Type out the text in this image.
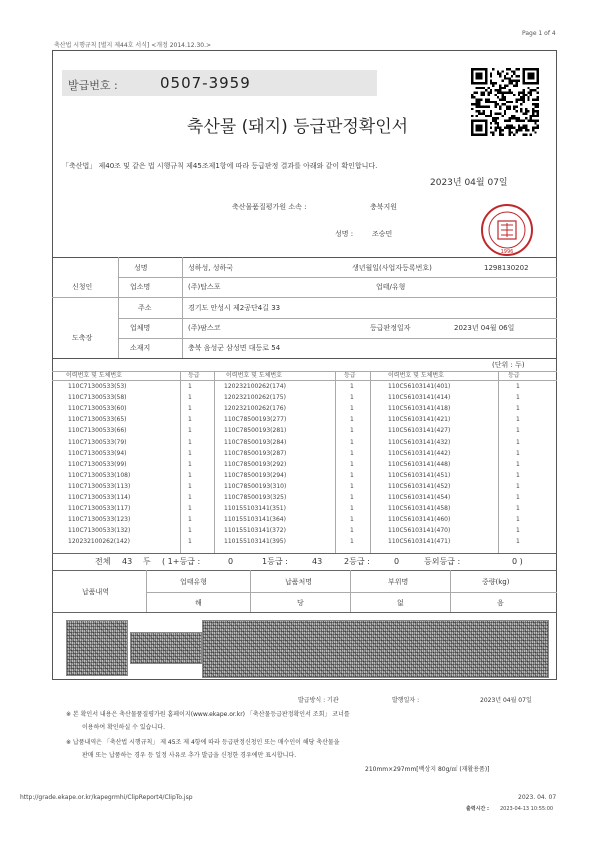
Page 1 of 4
축산법 시행규칙 [별지 제44호 서식] <개정 2014.12.30.>
발급번호 :	0507-3959
축산물 (돼지) 등급판정확인서
「축산법」 제40조 및 같은 법 시행규칙 제45조제1항에 따라 등급판정 결과를 아래와 같이 확인합니다.
2023년 04월 07일
축산물품질평가원 소속 :	충북지원
성명 :	조승민
1996
신청인
성명	성하성, 성하국	생년월일(사업자등록번호)	1298130202
업소명	(주)탑스포	업태/유형
주소	경기도 안성시 제2공단4길 33
도축장
업체명	(주)팜스코	등급판정일자	2023년 04월 06일
소재지	충북 음성군 삼성면 대등로 54
(단위 : 두)
이력번호 및 도체번호	등급	이력번호 및 도체번호	등급	이력번호 및 도체번호	등급
110C71300533(53)	1	120232100262(174)	1	110C56103141(401)	1
110C71300533(58)	1	120232100262(175)	1	110C56103141(414)	1
110C71300533(60)	1	120232100262(176)	1	110C56103141(418)	1
110C71300533(65)	1	110C78500193(277)	1	110C56103141(421)	1
110C71300533(66)	1	110C78500193(281)	1	110C56103141(427)	1
110C71300533(79)	1	110C78500193(284)	1	110C56103141(432)	1
110C71300533(94)	1	110C78500193(287)	1	110C56103141(442)	1
110C71300533(99)	1	110C78500193(292)	1	110C56103141(448)	1
110C71300533(108)	1	110C78500193(294)	1	110C56103141(451)	1
110C71300533(113)	1	110C78500193(310)	1	110C56103141(452)	1
110C71300533(114)	1	110C78500193(325)	1	110C56103141(454)	1
110C71300533(117)	1	110155103141(351)	1	110C56103141(458)	1
110C71300533(123)	1	110155103141(364)	1	110C56103141(460)	1
110C71300533(132)	1	110155103141(372)	1	110C56103141(470)	1
120232100262(142)	1	110155103141(395)	1	110C56103141(471)	1
전체 43 두 ( 1+등급 :	0	1등급 :	43	2등급 :	0	등외등급 :	0 )
납품내역
업태유형	납품처명	부위명	중량(kg)
해	당	없	음
발급방식 : 기관	발행일자 :	2023년 04월 07일
※ 본 확인서 내용은 축산물품질평가원 홈페이지(www.ekape.or.kr) 「축산물등급판정확인서 조회」 코너를
이용하여 확인하실 수 있습니다.
※ 납품내역은 「축산법 시행규칙」 제 45조 제 4항에 따라 등급판정신청인 또는 매수인이 해당 축산물을
판매 또는 납품하는 경우 등 일정 사유로 추가 발급을 신청한 경우에만 표시합니다.
210mm×297mm[백상지 80g/㎡ (재활용품)]
http://grade.ekape.or.kr/kapegrmhi/ClipReport4/ClipTo.jsp	2023. 04. 07
출력시간 : 2023-04-13 10:55:00
